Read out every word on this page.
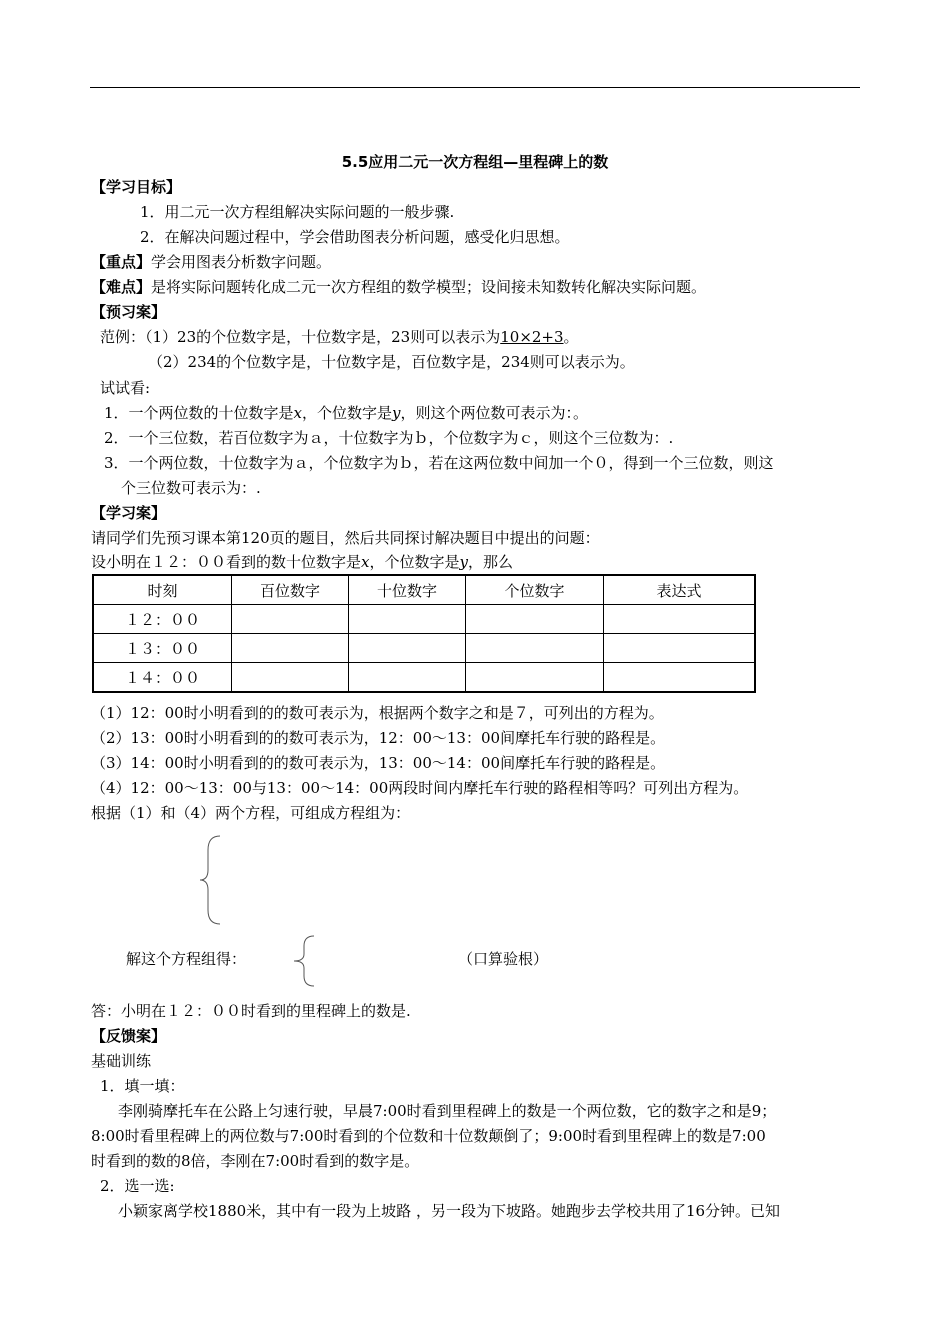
5.5应用二元一次方程组—里程碑上的数
【学习目标】
1．用二元一次方程组解决实际问题的一般步骤.
2．在解决问题过程中，学会借助图表分析问题，感受化归思想。
【重点】学会用图表分析数字问题。
【难点】是将实际问题转化成二元一次方程组的数学模型；设间接未知数转化解决实际问题。
【预习案】
范例：（1）23的个位数字是，十位数字是，23则可以表示为10×2+3。
（2）234的个位数字是，十位数字是，百位数字是，234则可以表示为。
试试看:
1．一个两位数的十位数字是x，个位数字是y，则这个两位数可表示为：。
2．一个三位数，若百位数字为ａ，十位数字为ｂ，个位数字为ｃ，则这个三位数为：.
3．一个两位数，十位数字为ａ，个位数字为ｂ，若在这两位数中间加一个０，得到一个三位数，则这
个三位数可表示为：.
【学习案】
请同学们先预习课本第120页的题目，然后共同探讨解决题目中提出的问题：
设小明在１２：００看到的数十位数字是x，个位数字是y，那么
时刻	百位数字	十位数字	个位数字	表达式
１２：００				
１３：００				
１４：００				
（1）12：00时小明看到的的数可表示为，根据两个数字之和是７，可列出的方程为。
（2）13：00时小明看到的的数可表示为，12：00～13：00间摩托车行驶的路程是。
（3）14：00时小明看到的的数可表示为，13：00～14：00间摩托车行驶的路程是。
（4）12：00～13：00与13：00～14：00两段时间内摩托车行驶的路程相等吗？可列出方程为。
根据（1）和（4）两个方程，可组成方程组为：
解这个方程组得：	（口算验根）
答：小明在１２：００时看到的里程碑上的数是.
【反馈案】
基础训练
1．填一填：
李刚骑摩托车在公路上匀速行驶，早晨7:00时看到里程碑上的数是一个两位数，它的数字之和是9；
8:00时看里程碑上的两位数与7:00时看到的个位数和十位数颠倒了；9:00时看到里程碑上的数是7:00
时看到的数的8倍，李刚在7:00时看到的数字是。
2．选一选:
小颖家离学校1880米，其中有一段为上坡路 ，另一段为下坡路。她跑步去学校共用了16分钟。已知
